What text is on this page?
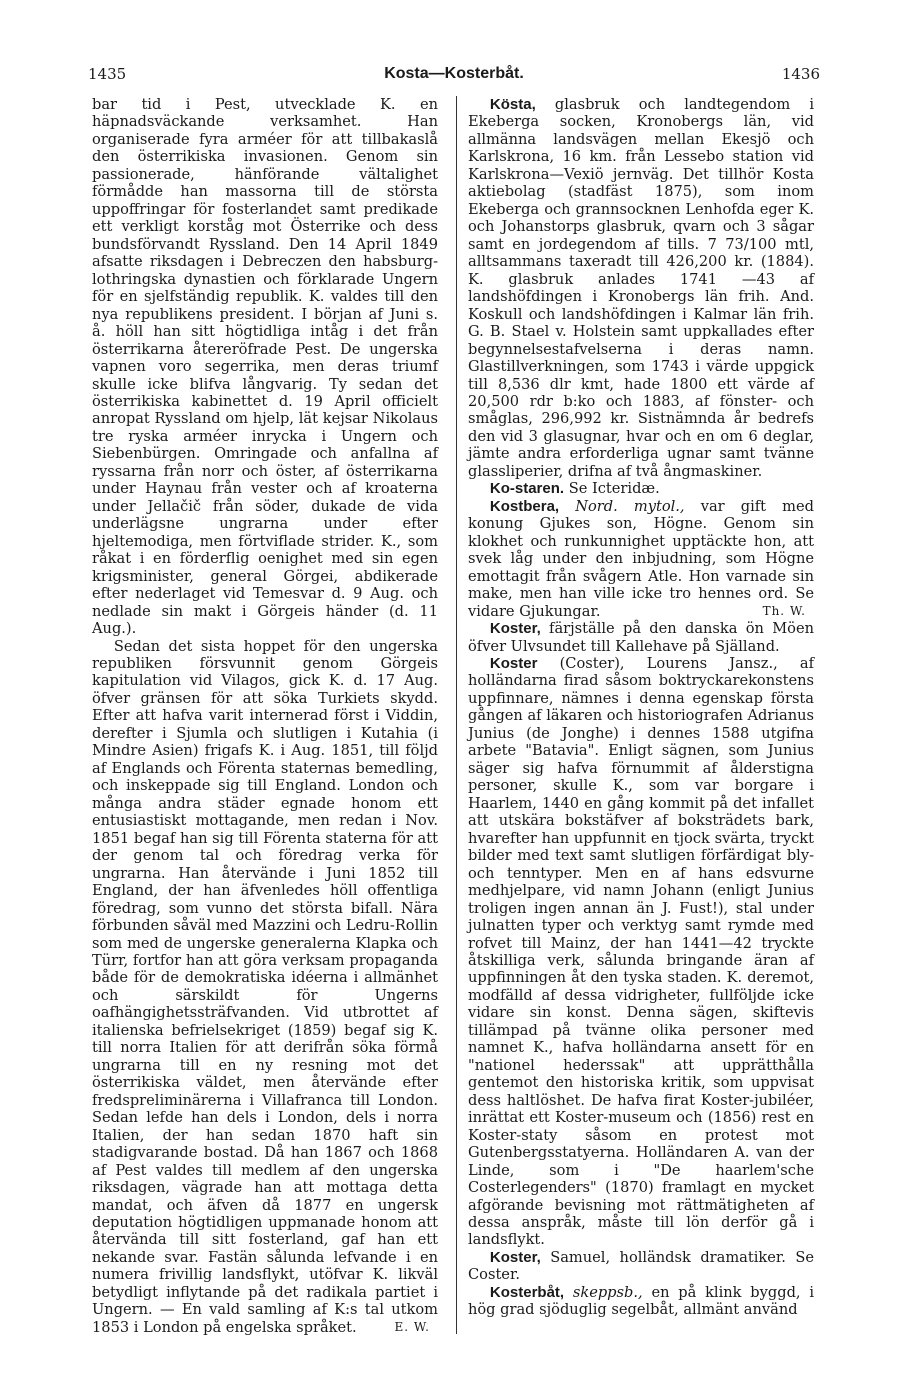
1435	Kosta—Kosterbåt.	1436

bar tid i Pest, utvecklade K. en häpnadsväckande verksamhet. Han organiserade fyra arméer för att tillbakaslå den österrikiska invasionen. Genom sin passionerade, hänförande vältalighet förmådde han massorna till de största uppoffringar för fosterlandet samt predikade ett verkligt korståg mot Österrike och dess bundsförvandt Ryssland. Den 14 April 1849 afsatte riksdagen i Debreczen den habsburg-lothringska dynastien och förklarade Ungern för en sjelfständig republik. K. valdes till den nya republikens president. I början af Juni s. å. höll han sitt högtidliga intåg i det från österrikarna återeröfrade Pest. De ungerska vapnen voro segerrika, men deras triumf skulle icke blifva långvarig. Ty sedan det österrikiska kabinettet d. 19 April officielt anropat Ryssland om hjelp, lät kejsar Nikolaus tre ryska arméer inrycka i Ungern och Siebenbürgen. Omringade och anfallna af ryssarna från norr och öster, af österrikarna under Haynau från vester och af kroaterna under Jellačič från söder, dukade de vida underlägsne ungrarna under efter hjeltemodiga, men förtviflade strider. K., som råkat i en förderflig oenighet med sin egen krigsminister, general Görgei, abdikerade efter nederlaget vid Temesvar d. 9 Aug. och nedlade sin makt i Görgeis händer (d. 11 Aug.).

Sedan det sista hoppet för den ungerska republiken försvunnit genom Görgeis kapitulation vid Vilagos, gick K. d. 17 Aug. öfver gränsen för att söka Turkiets skydd. Efter att hafva varit internerad först i Viddin, derefter i Sjumla och slutligen i Kutahia (i Mindre Asien) frigafs K. i Aug. 1851, till följd af Englands och Förenta staternas bemedling, och inskeppade sig till England. London och många andra städer egnade honom ett entusiastiskt mottagande, men redan i Nov. 1851 begaf han sig till Förenta staterna för att der genom tal och föredrag verka för ungrarna. Han återvände i Juni 1852 till England, der han äfvenledes höll offentliga föredrag, som vunno det största bifall. Nära förbunden såväl med Mazzini och Ledru-Rollin som med de ungerske generalerna Klapka och Türr, fortfor han att göra verksam propaganda både för de demokratiska idéerna i allmänhet och särskildt för Ungerns oafhängighetssträfvanden. Vid utbrottet af italienska befrielsekriget (1859) begaf sig K. till norra Italien för att derifrån söka förmå ungrarna till en ny resning mot det österrikiska väldet, men återvände efter fredspreliminärerna i Villafranca till London. Sedan lefde han dels i London, dels i norra Italien, der han sedan 1870 haft sin stadigvarande bostad. Då han 1867 och 1868 af Pest valdes till medlem af den ungerska riksdagen, vägrade han att mottaga detta mandat, och äfven då 1877 en ungersk deputation högtidligen uppmanade honom att återvända till sitt fosterland, gaf han ett nekande svar. Fastän sålunda lefvande i en numera frivillig landsflykt, utöfvar K. likväl betydligt inflytande på det radikala partiet i Ungern. — En vald samling af K:s tal utkom 1853 i London på engelska språket.	E. W.

Kösta, glasbruk och landtegendom i Ekeberga socken, Kronobergs län, vid allmänna landsvägen mellan Ekesjö och Karlskrona, 16 km. från Lessebo station vid Karlskrona—Vexiö jernväg. Det tillhör Kosta aktiebolag (stadfäst 1875), som inom Ekeberga och grannsocknen Lenhofda eger K. och Johanstorps glasbruk, qvarn och 3 sågar samt en jordegendom af tills. 7 73/100 mtl, alltsammans taxeradt till 426,200 kr. (1884). K. glasbruk anlades 1741 —43 af landshöfdingen i Kronobergs län frih. And. Koskull och landshöfdingen i Kalmar län frih. G. B. Stael v. Holstein samt uppkallades efter begynnelsestafvelserna i deras namn. Glastillverkningen, som 1743 i värde uppgick till 8,536 dlr kmt, hade 1800 ett värde af 20,500 rdr b:ko och 1883, af fönster- och småglas, 296,992 kr. Sistnämnda år bedrefs den vid 3 glasugnar, hvar och en om 6 deglar, jämte andra erforderliga ugnar samt tvänne glassliperier, drifna af två ångmaskiner.

Ko-staren. Se Icteridæ.

Kostbera, Nord. mytol., var gift med konung Gjukes son, Högne. Genom sin klokhet och runkunnighet upptäckte hon, att svek låg under den inbjudning, som Högne emottagit från svågern Atle. Hon varnade sin make, men han ville icke tro hennes ord. Se vidare Gjukungar.	Th. W.

Koster, färjställe på den danska ön Möen öfver Ulvsundet till Kallehave på Själland.

Koster (Coster), Lourens Jansz., af holländarna firad såsom boktryckarekonstens uppfinnare, nämnes i denna egenskap första gången af läkaren och historiografen Adrianus Junius (de Jonghe) i dennes 1588 utgifna arbete "Batavia". Enligt sägnen, som Junius säger sig hafva förnummit af ålderstigna personer, skulle K., som var borgare i Haarlem, 1440 en gång kommit på det infallet att utskära bokstäfver af boksträdets bark, hvarefter han uppfunnit en tjock svärta, tryckt bilder med text samt slutligen förfärdigat bly- och tenntyper. Men en af hans edsvurne medhjelpare, vid namn Johann (enligt Junius troligen ingen annan än J. Fust!), stal under julnatten typer och verktyg samt rymde med rofvet till Mainz, der han 1441—42 tryckte åtskilliga verk, sålunda bringande äran af uppfinningen åt den tyska staden. K. deremot, modfälld af dessa vidrigheter, fullföljde icke vidare sin konst. Denna sägen, skiftevis tillämpad på tvänne olika personer med namnet K., hafva holländarna ansett för en "nationel hederssak" att upprätthålla gentemot den historiska kritik, som uppvisat dess haltlöshet. De hafva firat Koster-jubiléer, inrättat ett Koster-museum och (1856) rest en Koster-staty såsom en protest mot Gutenbergsstatyerna. Holländaren A. van der Linde, som i "De haarlem'sche Costerlegenders" (1870) framlagt en mycket afgörande bevisning mot rättmätigheten af dessa anspråk, måste till lön derför gå i landsflykt.

Koster, Samuel, holländsk dramatiker. Se Coster.

Kosterbåt, skeppsb., en på klink byggd, i hög grad sjöduglig segelbåt, allmänt använd
